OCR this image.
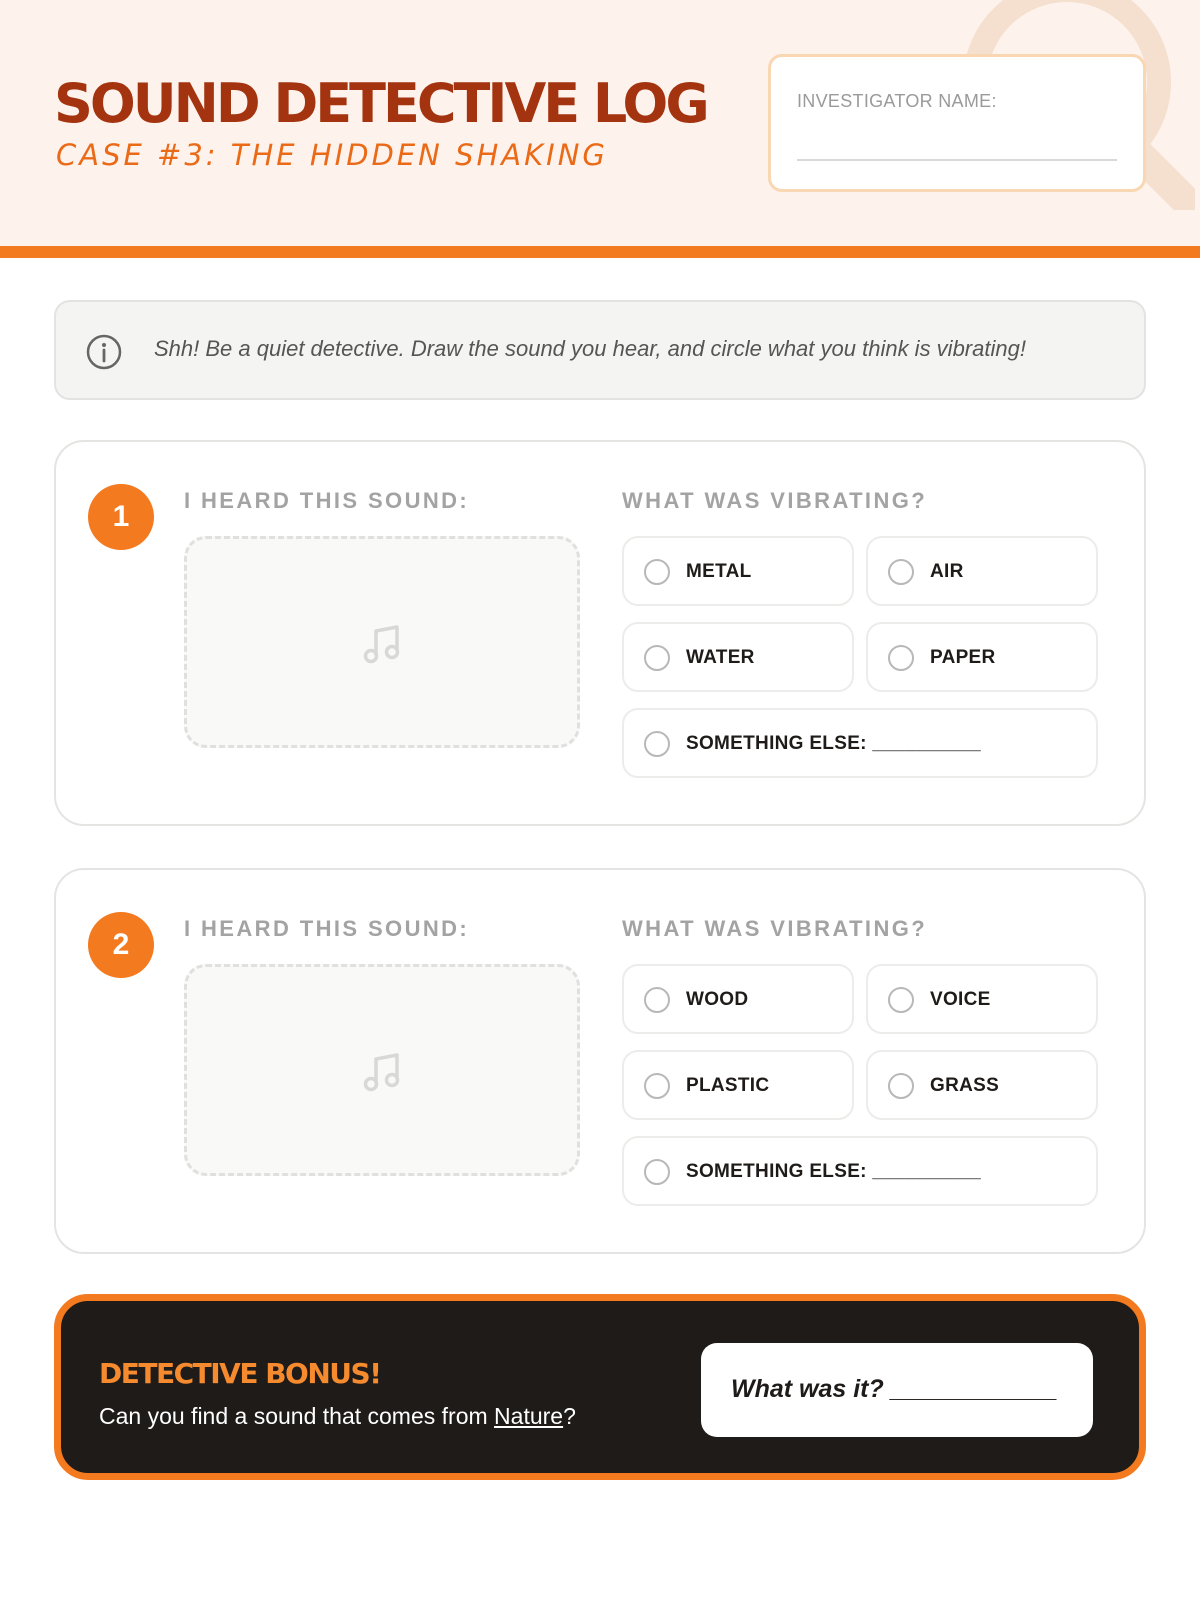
SOUND DETECTIVE LOG
CASE #3: THE HIDDEN SHAKING
INVESTIGATOR NAME:
Shh! Be a quiet detective. Draw the sound you hear, and circle what you think is vibrating!
1	I HEARD THIS SOUND:	WHAT WAS VIBRATING?
METAL	AIR
WATER	PAPER
SOMETHING ELSE: __________
2	I HEARD THIS SOUND:	WHAT WAS VIBRATING?
WOOD	VOICE
PLASTIC	GRASS
SOMETHING ELSE: __________
DETECTIVE BONUS!
Can you find a sound that comes from Nature?
What was it? ____________
